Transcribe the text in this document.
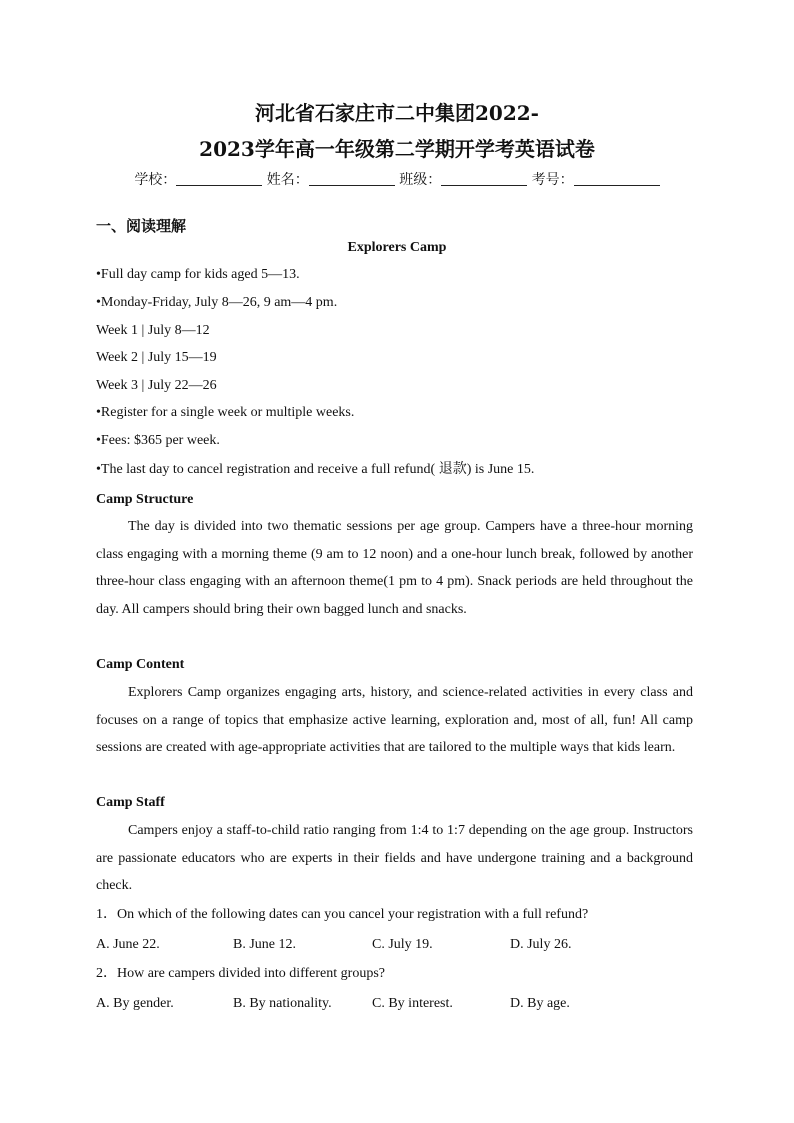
河北省石家庄市二中集团2022-
2023学年高一年级第二学期开学考英语试卷
学校：	姓名：	班级：	考号：
一、阅读理解
Explorers Camp
•Full day camp for kids aged 5—13.
•Monday-Friday, July 8—26, 9 am—4 pm.
Week 1 | July 8—12
Week 2 | July 15—19
Week 3 | July 22—26
•Register for a single week or multiple weeks.
•Fees: $365 per week.
•The last day to cancel registration and receive a full refund( 退款) is June 15.
Camp Structure
The day is divided into two thematic sessions per age group. Campers have a three-hour morning class engaging with a morning theme (9 am to 12 noon) and a one-hour lunch break, followed by another three-hour class engaging with an afternoon theme(1 pm to 4 pm). Snack periods are held throughout the day. All campers should bring their own bagged lunch and snacks.
Camp Content
Explorers Camp organizes engaging arts, history, and science-related activities in every class and focuses on a range of topics that emphasize active learning, exploration and, most of all, fun! All camp sessions are created with age-appropriate activities that are tailored to the multiple ways that kids learn.
Camp Staff
Campers enjoy a staff-to-child ratio ranging from 1:4 to 1:7 depending on the age group. Instructors are passionate educators who are experts in their fields and have undergone training and a background check.
1．On which of the following dates can you cancel your registration with a full refund?
A. June 22.	B. June 12.	C. July 19.	D. July 26.
2．How are campers divided into different groups?
A. By gender.	B. By nationality.	C. By interest.	D. By age.
